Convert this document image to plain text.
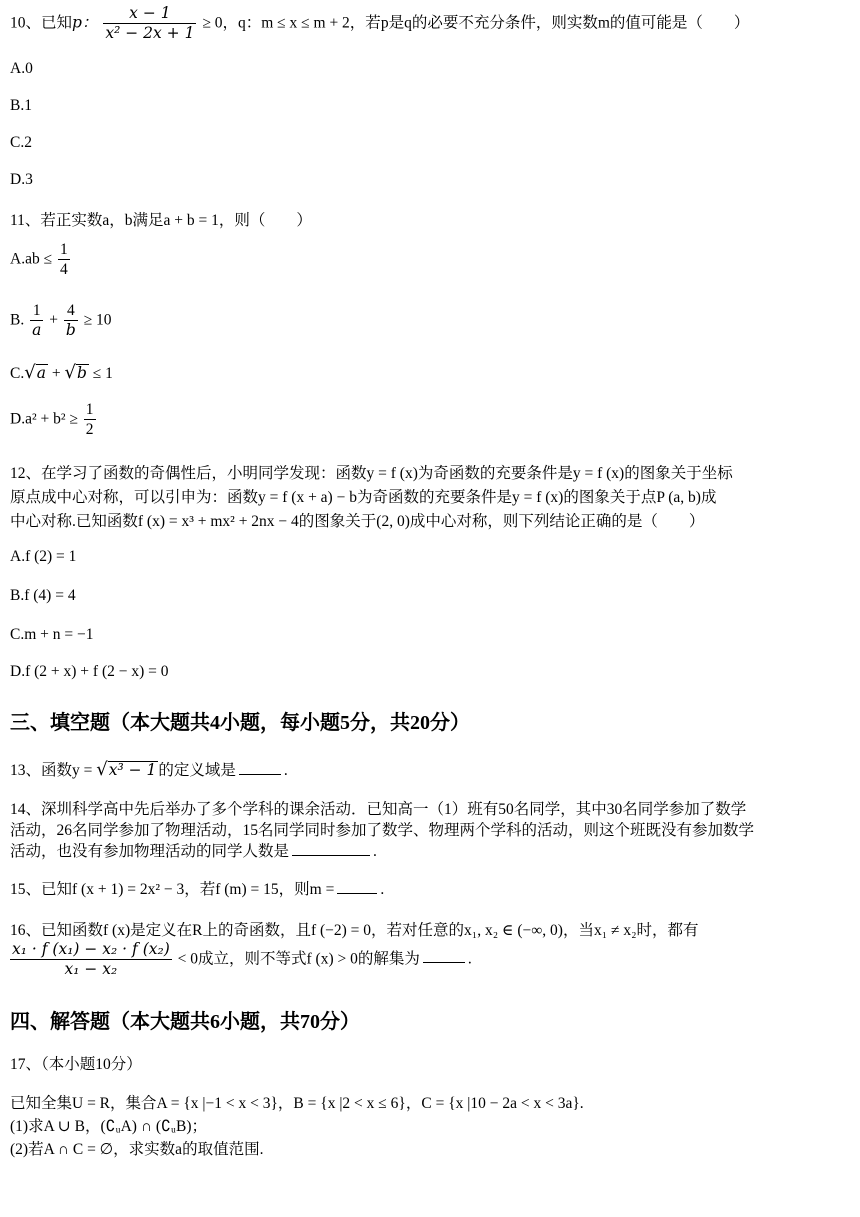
10、已知p： $\frac{x - 1}{\text{x² − 2x + 1}} \ge 0$，q：m ≤ x ≤ m + 2，若p是q的必要不充分条件，则实数m的值可能是（　　）
A.0
B.1
C.2
D.3
11、若正实数a，b满足a + b = 1，则（　　）
$A.ab \le \frac{1}{4}$
B. $\frac{1}{a} + \frac{4}{b} \ge 10$
C.√a + √b ≤ 1
$D.a^2 + b^2 \ge \frac{1}{2}$
12、在学习了函数的奇偶性后，小明同学发现：函数y = f (x)为奇函数的充要条件是y = f (x)的图象关于坐标
原点成中心对称，可以引申为：函数y = f (x + a) − b为奇函数的充要条件是y = f (x)的图象关于点P (a, b)成
中心对称.已知函数f (x) = x³ + mx² + 2nx − 4的图象关于(2, 0)成中心对称，则下列结论正确的是（　　）
A.f (2) = 1
B.f (4) = 4
C.m + n = −1
D.f (2 + x) + f (2 − x) = 0
三、填空题（本大题共4小题，每小题5分，共20分）
13、函数y = √x³ − 1 的定义域是	.
14、深圳科学高中先后举办了多个学科的课余活动．已知高一（1）班有50名同学，其中30名同学参加了数学
活动，26名同学参加了物理活动，15名同学同时参加了数学、物理两个学科的活动，则这个班既没有参加数学
活动，也没有参加物理活动的同学人数是	.
15、已知f (x + 1) = 2x² − 3，若f (m) = 15，则m =	.
16、已知函数f (x)是定义在R上的奇函数，且f (−2) = 0，若对任意的x₁, x₂ ∈ (−∞, 0)，当x₁ ≠ x₂时，都有
$\frac{\text{x₁ · f (x₁) − x₂ · f (x₂)}}{\text{x₁ − x₂}} < 0$成立，则不等式f (x) > 0的解集为	.
四、解答题（本大题共6小题，共70分）
17、（本小题10分）
已知全集U = R，集合A = {x |−1 < x < 3}，B = {x |2 < x ≤ 6}，C = {x |10 − 2a < x < 3a}.
(1)求A ∪ B，(∁ᵤA) ∩ (∁ᵤB)；
(2)若A ∩ C = ∅，求实数a的取值范围.
